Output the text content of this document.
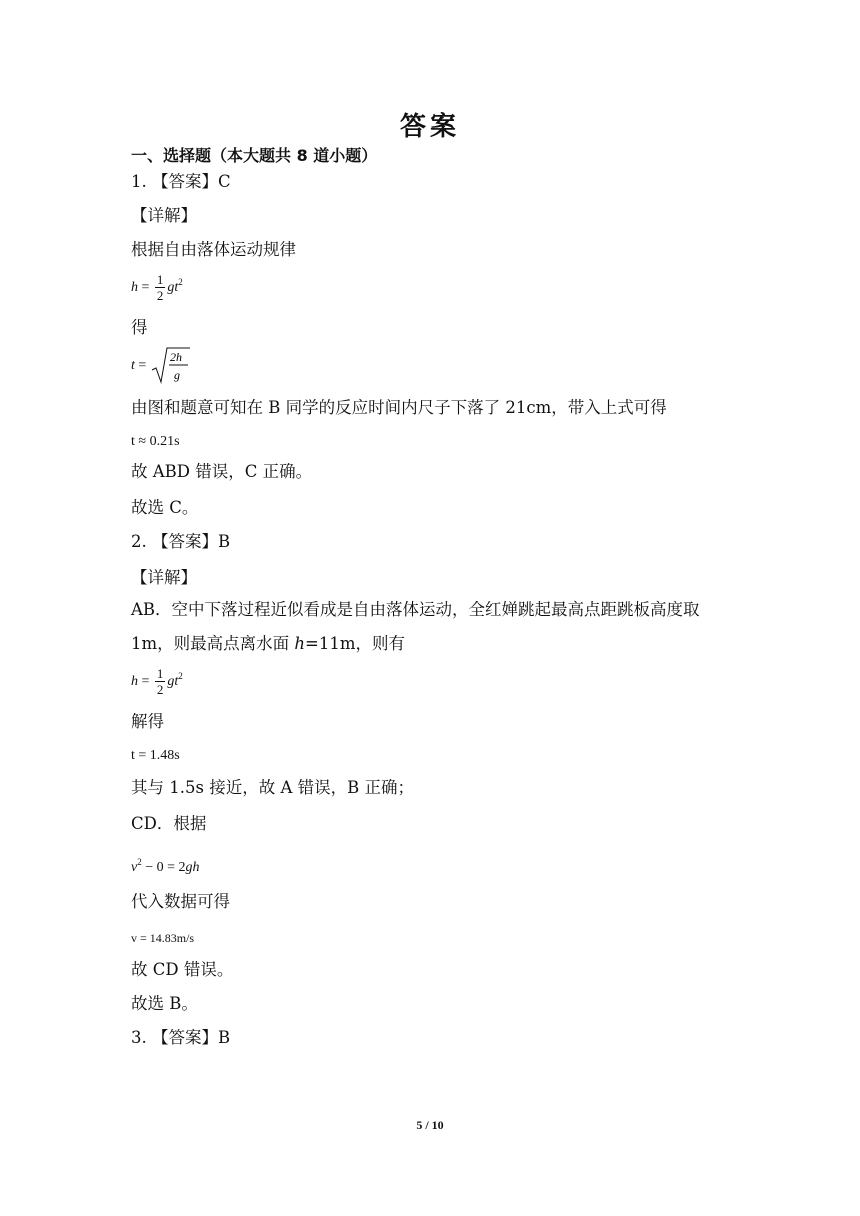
答案
一、选择题（本大题共 8 道小题）
1. 【答案】C
【详解】
根据自由落体运动规律
$h = \frac{1}{2} gt^2$
得
t =
2h
g
由图和题意可知在 B 同学的反应时间内尺子下落了 21cm，带入上式可得
t ≈ 0.21s
故 ABD 错误，C 正确。
故选 C。
2. 【答案】B
【详解】
AB．空中下落过程近似看成是自由落体运动，全红婵跳起最高点距跳板高度取
1m，则最高点离水面 h=11m，则有
$h = \frac{1}{2} gt^2$
解得
t = 1.48s
其与 1.5s 接近，故 A 错误，B 正确；
CD．根据
$v^2 - 0 = 2gh$
代入数据可得
v = 14.83m/s
故 CD 错误。
故选 B。
3. 【答案】B
5 / 10
